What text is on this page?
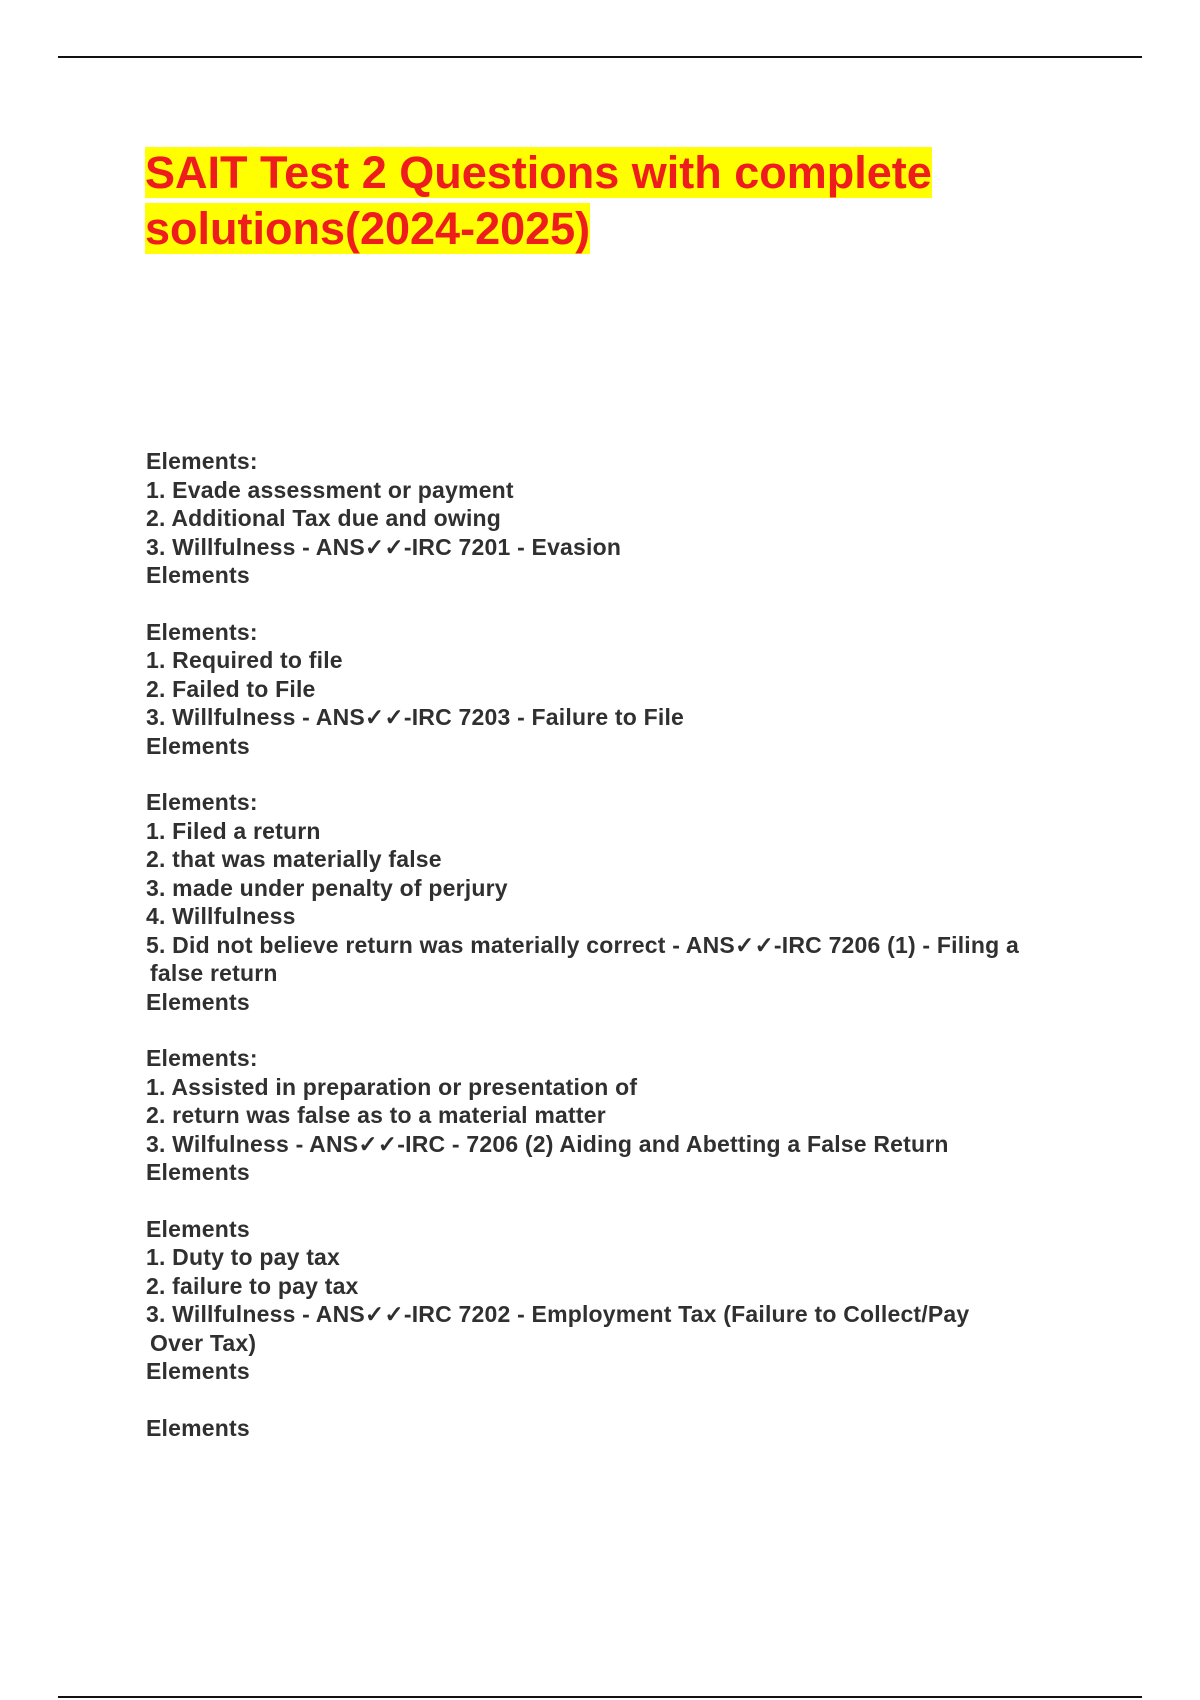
SAIT Test 2 Questions with complete
solutions(2024-2025)
Elements:
1. Evade assessment or payment
2. Additional Tax due and owing
3. Willfulness - ANS✓✓-IRC 7201 - Evasion
Elements
Elements:
1. Required to file
2. Failed to File
3. Willfulness - ANS✓✓-IRC 7203 - Failure to File
Elements
Elements:
1. Filed a return
2. that was materially false
3. made under penalty of perjury
4. Willfulness
5. Did not believe return was materially correct - ANS✓✓-IRC 7206 (1) - Filing a
false return
Elements
Elements:
1. Assisted in preparation or presentation of
2. return was false as to a material matter
3. Wilfulness - ANS✓✓-IRC - 7206 (2) Aiding and Abetting a False Return
Elements
Elements
1. Duty to pay tax
2. failure to pay tax
3. Willfulness - ANS✓✓-IRC 7202 - Employment Tax (Failure to Collect/Pay
Over Tax)
Elements
Elements
